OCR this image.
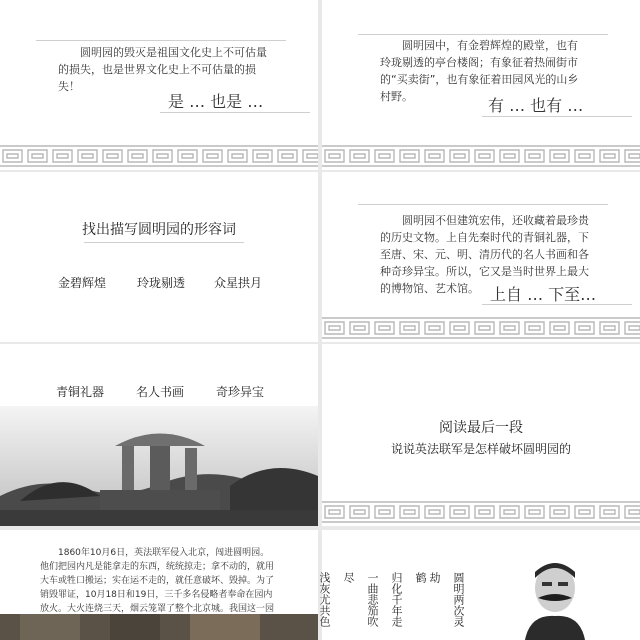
圆明园的毁灭是祖国文化史上不可估量的损失，也是世界文化史上不可估量的损失！
是 … 也是 …
圆明园中，有金碧辉煌的殿堂，也有玲珑剔透的亭台楼阁；有象征着热闹街市的“买卖街”，也有象征着田园风光的山乡村野。	有 … 也有 …
找出描写圆明园的形容词
金碧辉煌	玲珑剔透 众星拱月
圆明园不但建筑宏伟，还收藏着最珍贵的历史文物。上自先秦时代的青铜礼器，下至唐、宋、元、明、清历代的名人书画和各种奇珍异宝。所以，它又是当时世界上最大的博物馆、艺术馆。 上自 … 下至…
青铜礼器	名人书画	奇珍异宝
阅读最后一段
说说英法联军是怎样破坏圆明园的
1860年10月6日，英法联军侵入北京，闯进圆明园。他们把园内凡是能拿走的东西，统统掠走；拿不动的，就用大车或牲口搬运；实在运不走的，就任意破坏、毁掉。为了销毁罪证，10月18日和19日，三千多名侵略者奉命在园内放火。大火连烧三天，烟云笼罩了整个北京城。我国这一园	浅灰尤共色 尽 一曲悲笳吹 归化千年走 鹤 劫 圆明两次灵
